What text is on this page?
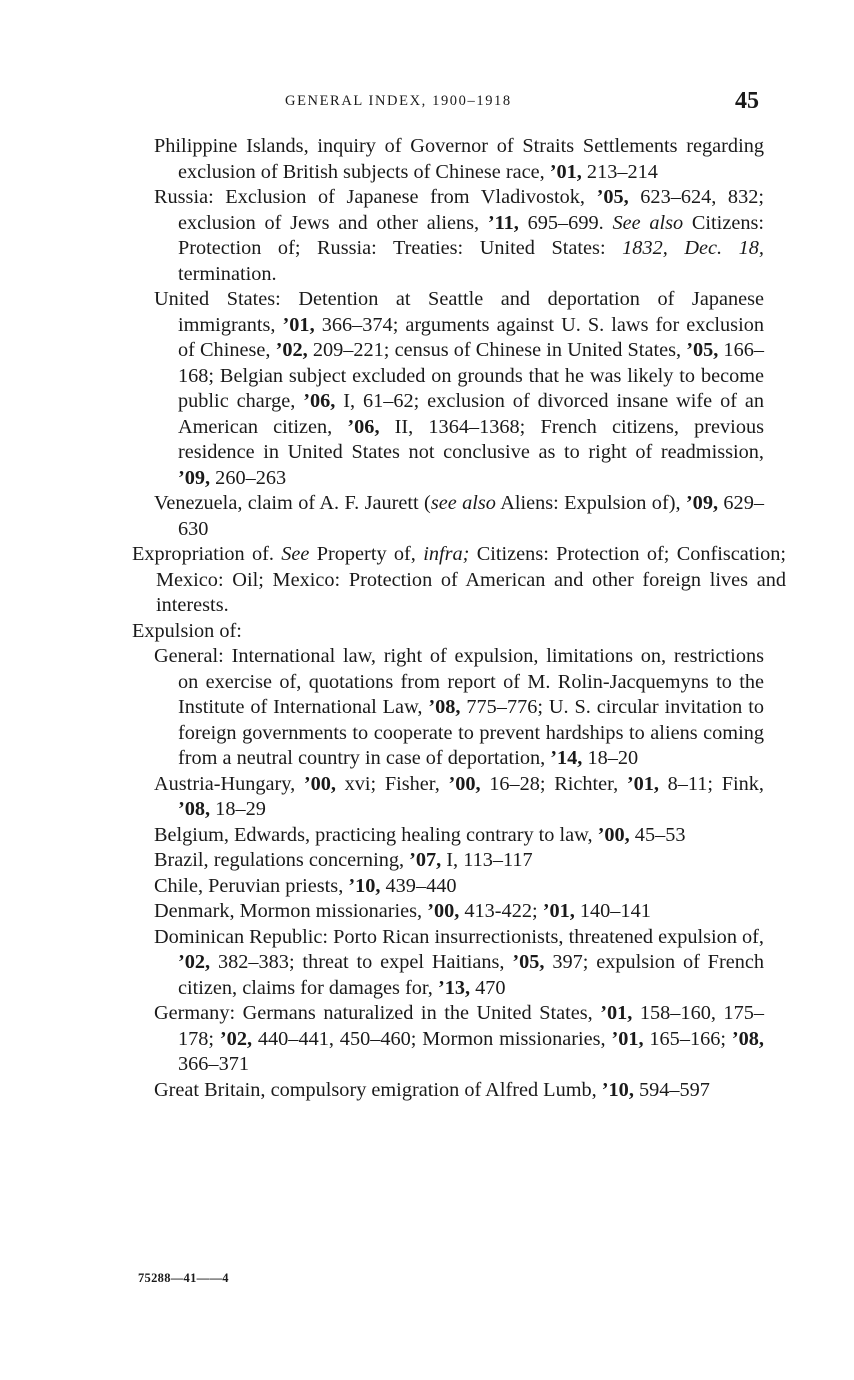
GENERAL INDEX, 1900–1918	45
Philippine Islands, inquiry of Governor of Straits Settlements regarding exclusion of British subjects of Chinese race, ’01, 213–214
Russia: Exclusion of Japanese from Vladivostok, ’05, 623–624, 832; exclusion of Jews and other aliens, ’11, 695–699. See also Citizens: Protection of; Russia: Treaties: United States: 1832, Dec. 18, termination.
United States: Detention at Seattle and deportation of Japanese immigrants, ’01, 366–374; arguments against U. S. laws for exclusion of Chinese, ’02, 209–221; census of Chinese in United States, ’05, 166–168; Belgian subject excluded on grounds that he was likely to become public charge, ’06, I, 61–62; exclusion of divorced insane wife of an American citizen, ’06, II, 1364–1368; French citizens, previous residence in United States not conclusive as to right of readmission, ’09, 260–263
Venezuela, claim of A. F. Jaurett (see also Aliens: Expulsion of), ’09, 629–630
Expropriation of. See Property of, infra; Citizens: Protection of; Confiscation; Mexico: Oil; Mexico: Protection of American and other foreign lives and interests.
Expulsion of:
General: International law, right of expulsion, limitations on, restrictions on exercise of, quotations from report of M. Rolin-Jacquemyns to the Institute of International Law, ’08, 775–776; U. S. circular invitation to foreign governments to cooperate to prevent hardships to aliens coming from a neutral country in case of deportation, ’14, 18–20
Austria-Hungary, ’00, xvi; Fisher, ’00, 16–28; Richter, ’01, 8–11; Fink, ’08, 18–29
Belgium, Edwards, practicing healing contrary to law, ’00, 45–53
Brazil, regulations concerning, ’07, I, 113–117
Chile, Peruvian priests, ’10, 439–440
Denmark, Mormon missionaries, ’00, 413-422; ’01, 140–141
Dominican Republic: Porto Rican insurrectionists, threatened expulsion of, ’02, 382–383; threat to expel Haitians, ’05, 397; expulsion of French citizen, claims for damages for, ’13, 470
Germany: Germans naturalized in the United States, ’01, 158–160, 175–178; ’02, 440–441, 450–460; Mormon missionaries, ’01, 165–166; ’08, 366–371
Great Britain, compulsory emigration of Alfred Lumb, ’10, 594–597
75288—41——4
